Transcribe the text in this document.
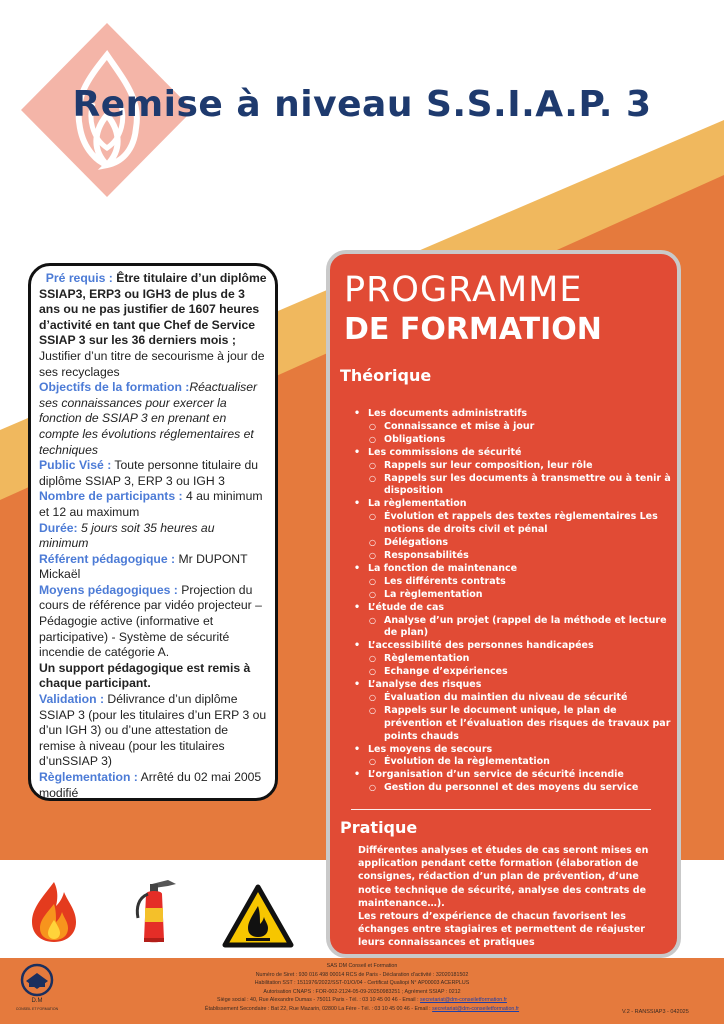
Remise à niveau S.S.I.A.P. 3

Pré requis : Être titulaire d’un diplôme SSIAP3, ERP3 ou IGH3 de plus de 3 ans ou ne pas justifier de 1607 heures d’activité en tant que Chef de Service SSIAP 3 sur les 36 derniers mois ; Justifier d’un titre de secourisme à jour de ses recyclages

Objectifs de la formation :Réactualiser ses connaissances pour exercer la fonction de SSIAP 3 en prenant en compte les évolutions réglementaires et techniques

Public Visé : Toute personne titulaire du diplôme SSIAP 3, ERP 3 ou IGH 3

Nombre de participants : 4 au minimum et 12 au maximum

Durée: 5 jours soit 35 heures au minimum

Référent pédagogique : Mr DUPONT Mickaël

Moyens pédagogiques : Projection du cours de référence par vidéo projecteur – Pédagogie active (informative et participative) - Système de sécurité incendie de catégorie A.

Un support pédagogique est remis à chaque participant.

Validation : Délivrance d’un diplôme SSIAP 3 (pour les titulaires d’un ERP 3 ou d’un IGH 3) ou d’une attestation de remise à niveau (pour les titulaires d’unSSIAP 3)

Règlementation : Arrêté du 02 mai 2005 modifié

PROGRAMME
DE FORMATION
Théorique
• Les documents administratifs
○ Connaissance et mise à jour
○ Obligations
• Les commissions de sécurité
○ Rappels sur leur composition, leur rôle
○ Rappels sur les documents à transmettre ou à tenir à disposition
• La règlementation
○ Évolution et rappels des textes règlementaires Les notions de droits civil et pénal
○ Délégations
○ Responsabilités
• La fonction de maintenance
○ Les différents contrats
○ La règlementation
• L’étude de cas
○ Analyse d’un projet (rappel de la méthode et lecture de plan)
• L’accessibilité des personnes handicapées
○ Règlementation
○ Echange d’expériences
• L’analyse des risques
○ Évaluation du maintien du niveau de sécurité
○ Rappels sur le document unique, le plan de prévention et l’évaluation des risques de travaux par points chauds
• Les moyens de secours
○ Évolution de la règlementation
• L’organisation d’un service de sécurité incendie
○ Gestion du personnel et des moyens du service
Pratique

Différentes analyses et études de cas seront mises en application pendant cette formation (élaboration de consignes, rédaction d’un plan de prévention, d’une notice technique de sécurité, analyse des contrats de maintenance…).

Les retours d’expérience de chacun favorisent les échanges entre stagiaires et permettent de réajuster leurs connaissances et pratiques

D.M

CONSEIL ET FORMATION

SAS DM Conseil et Formation

Numéro de Siret : 930 016 498 00014 RCS de Paris - Déclaration d’activité : 32020181502

Habilitation SST : 1511976/2022/SST-01/O/04 - Certificat Qualiopi N° AP00003 ACERPLUS

Autorisation CNAPS : FOR-002-2124-05-09-20250983251 ; Agrément SSIAP : 0212

Siège social : 40, Rue Alexandre Dumas - 75011 Paris - Tél. : 03 10 45 00 46 - Email : secretariat@dm-conseiletformation.fr

Établissement Secondaire : Bat 22, Rue Mazarin, 02800 La Fère - Tél. : 03 10 45 00 46 - Email : secretariat@dm-conseiletformation.fr

V.2 - RANSSIAP3 - 042025
